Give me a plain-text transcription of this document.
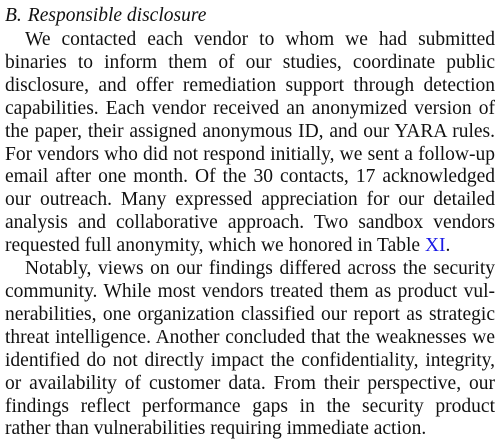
B. Responsible disclosure

We contacted each vendor to whom we had submitted binaries to inform them of our studies, coordinate public disclosure, and offer remediation support through detection capabilities. Each vendor received an anonymized version of the paper, their assigned anonymous ID, and our YARA rules. For vendors who did not respond initially, we sent a follow-up email after one month. Of the 30 contacts, 17 acknowledged our outreach. Many expressed appreciation for our detailed analysis and collaborative approach. Two sandbox vendors requested full anonymity, which we honored in Table XI.

Notably, views on our findings differed across the security community. While most vendors treated them as product vulnerabilities, one organization classified our report as strategic threat intelligence. Another concluded that the weaknesses we identified do not directly impact the confidentiality, integrity, or availability of customer data. From their perspective, our findings reflect performance gaps in the security product rather than vulnerabilities requiring immediate action.
